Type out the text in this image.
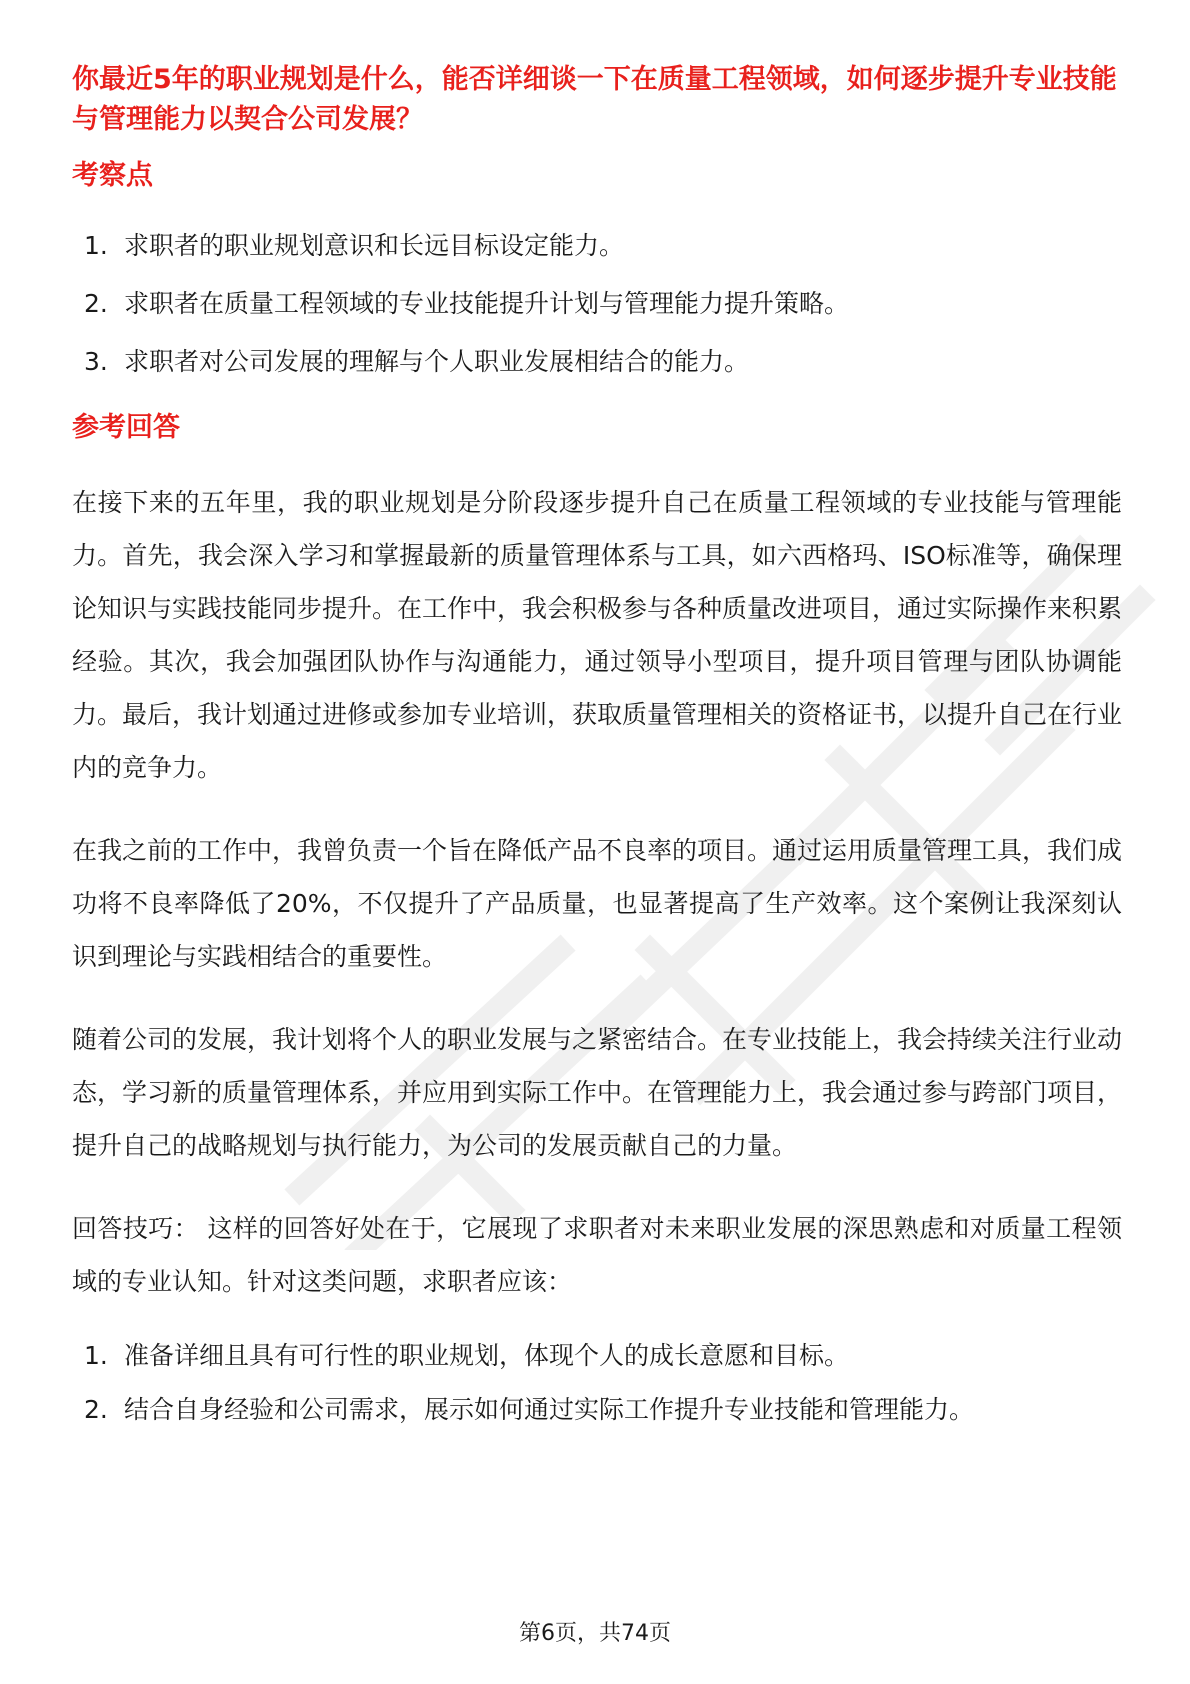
你最近5年的职业规划是什么，能否详细谈一下在质量工程领域，如何逐步提升专业技能与管理能力以契合公司发展？
考察点
1. 求职者的职业规划意识和长远目标设定能力。
2. 求职者在质量工程领域的专业技能提升计划与管理能力提升策略。
3. 求职者对公司发展的理解与个人职业发展相结合的能力。
参考回答

在接下来的五年里，我的职业规划是分阶段逐步提升自己在质量工程领域的专业技能与管理能力。首先，我会深入学习和掌握最新的质量管理体系与工具，如六西格玛、ISO标准等，确保理论知识与实践技能同步提升。在工作中，我会积极参与各种质量改进项目，通过实际操作来积累经验。其次，我会加强团队协作与沟通能力，通过领导小型项目，提升项目管理与团队协调能力。最后，我计划通过进修或参加专业培训，获取质量管理相关的资格证书，以提升自己在行业内的竞争力。

在我之前的工作中，我曾负责一个旨在降低产品不良率的项目。通过运用质量管理工具，我们成功将不良率降低了20%，不仅提升了产品质量，也显著提高了生产效率。这个案例让我深刻认识到理论与实践相结合的重要性。

随着公司的发展，我计划将个人的职业发展与之紧密结合。在专业技能上，我会持续关注行业动态，学习新的质量管理体系，并应用到实际工作中。在管理能力上，我会通过参与跨部门项目，提升自己的战略规划与执行能力，为公司的发展贡献自己的力量。

回答技巧： 这样的回答好处在于，它展现了求职者对未来职业发展的深思熟虑和对质量工程领域的专业认知。针对这类问题，求职者应该：

1. 准备详细且具有可行性的职业规划，体现个人的成长意愿和目标。
2. 结合自身经验和公司需求，展示如何通过实际工作提升专业技能和管理能力。
第6页，共74页
